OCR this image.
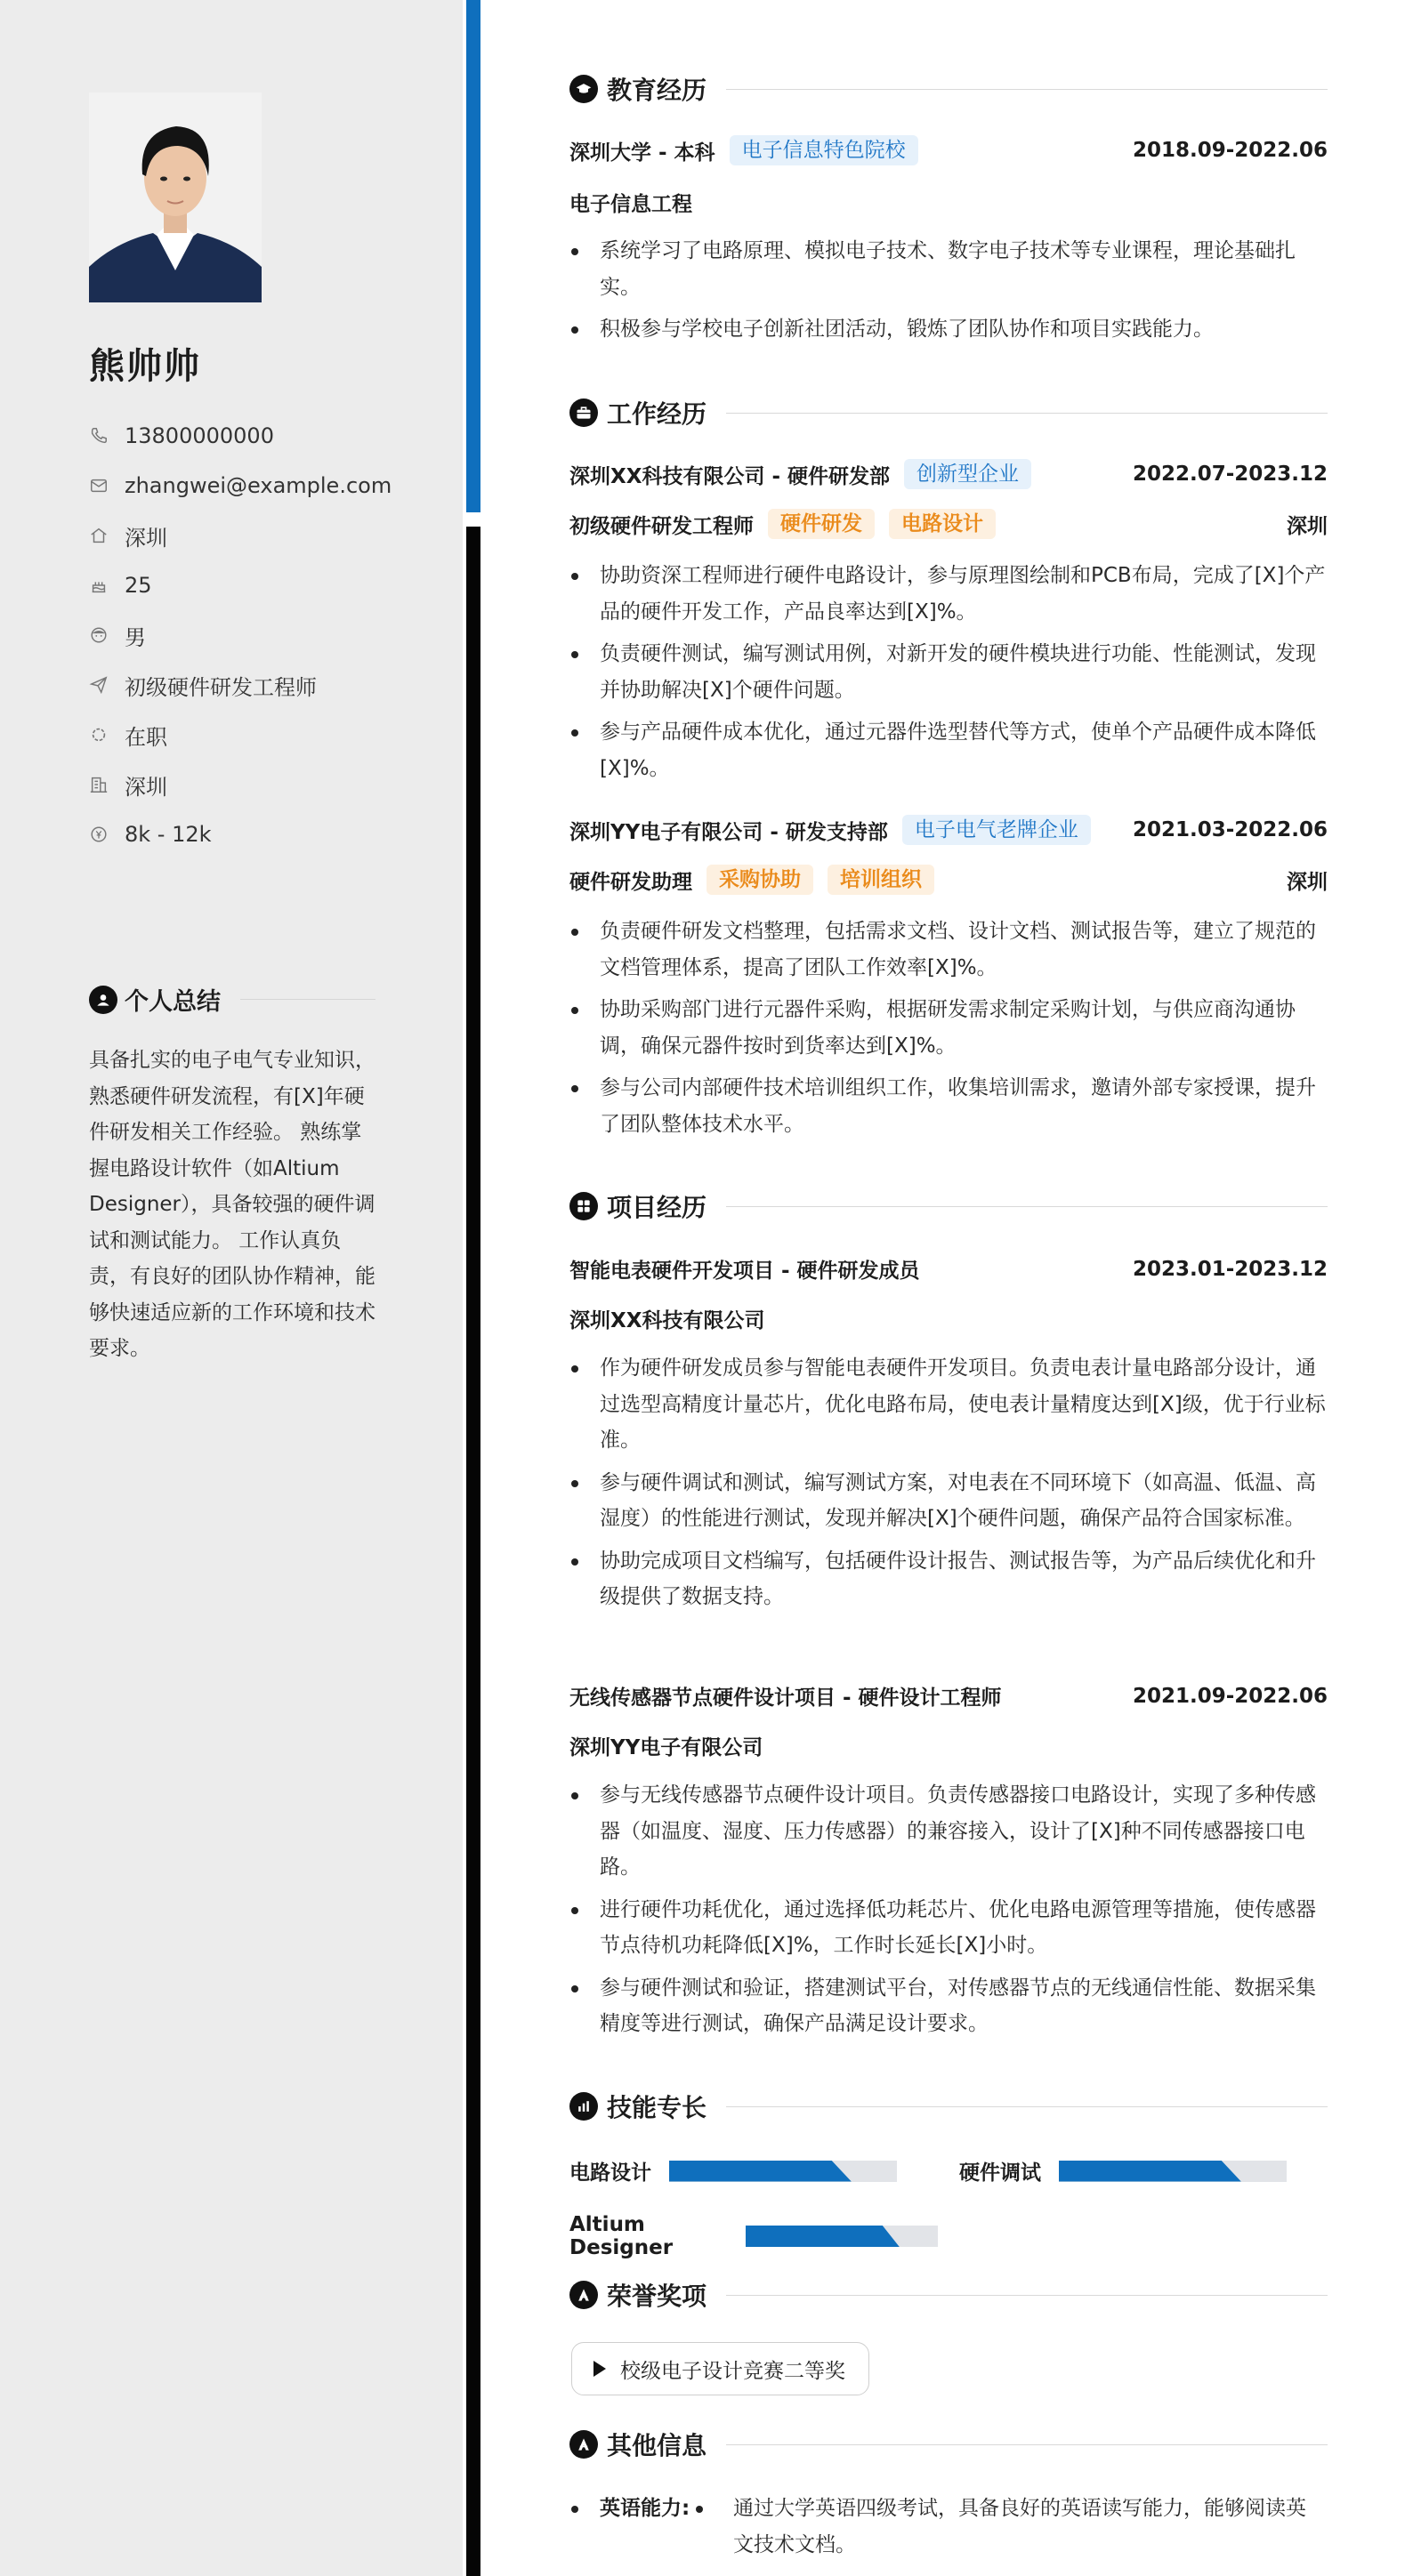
熊帅帅
13800000000
zhangwei@example.com
深圳
25
男
初级硬件研发工程师
在职
深圳
8k - 12k
个人总结
具备扎实的电子电气专业知识，熟悉硬件研发流程，有[X]年硬件研发相关工作经验。 熟练掌握电路设计软件（如Altium Designer），具备较强的硬件调试和测试能力。 工作认真负责，有良好的团队协作精神，能够快速适应新的工作环境和技术要求。
教育经历
深圳大学 - 本科	电子信息特色院校	2018.09-2022.06
电子信息工程
系统学习了电路原理、模拟电子技术、数字电子技术等专业课程，理论基础扎实。
积极参与学校电子创新社团活动，锻炼了团队协作和项目实践能力。
工作经历
深圳XX科技有限公司 - 硬件研发部	创新型企业	2022.07-2023.12
初级硬件研发工程师	硬件研发	电路设计	深圳
协助资深工程师进行硬件电路设计，参与原理图绘制和PCB布局，完成了[X]个产品的硬件开发工作，产品良率达到[X]%。
负责硬件测试，编写测试用例，对新开发的硬件模块进行功能、性能测试，发现并协助解决[X]个硬件问题。
参与产品硬件成本优化，通过元器件选型替代等方式，使单个产品硬件成本降低[X]%。
深圳YY电子有限公司 - 研发支持部	电子电气老牌企业	2021.03-2022.06
硬件研发助理	采购协助	培训组织	深圳
负责硬件研发文档整理，包括需求文档、设计文档、测试报告等，建立了规范的文档管理体系，提高了团队工作效率[X]%。
协助采购部门进行元器件采购，根据研发需求制定采购计划，与供应商沟通协调，确保元器件按时到货率达到[X]%。
参与公司内部硬件技术培训组织工作，收集培训需求，邀请外部专家授课，提升了团队整体技术水平。
项目经历
智能电表硬件开发项目 - 硬件研发成员	2023.01-2023.12
深圳XX科技有限公司
作为硬件研发成员参与智能电表硬件开发项目。负责电表计量电路部分设计，通过选型高精度计量芯片，优化电路布局，使电表计量精度达到[X]级，优于行业标准。
参与硬件调试和测试，编写测试方案，对电表在不同环境下（如高温、低温、高湿度）的性能进行测试，发现并解决[X]个硬件问题，确保产品符合国家标准。
协助完成项目文档编写，包括硬件设计报告、测试报告等，为产品后续优化和升级提供了数据支持。
无线传感器节点硬件设计项目 - 硬件设计工程师	2021.09-2022.06
深圳YY电子有限公司
参与无线传感器节点硬件设计项目。负责传感器接口电路设计，实现了多种传感器（如温度、湿度、压力传感器）的兼容接入，设计了[X]种不同传感器接口电路。
进行硬件功耗优化，通过选择低功耗芯片、优化电路电源管理等措施，使传感器节点待机功耗降低[X]%，工作时长延长[X]小时。
参与硬件测试和验证，搭建测试平台，对传感器节点的无线通信性能、数据采集精度等进行测试，确保产品满足设计要求。
技能专长
电路设计	硬件调试
Altium Designer
荣誉奖项
校级电子设计竞赛二等奖
其他信息
英语能力:	通过大学英语四级考试，具备良好的英语读写能力，能够阅读英文技术文档。
